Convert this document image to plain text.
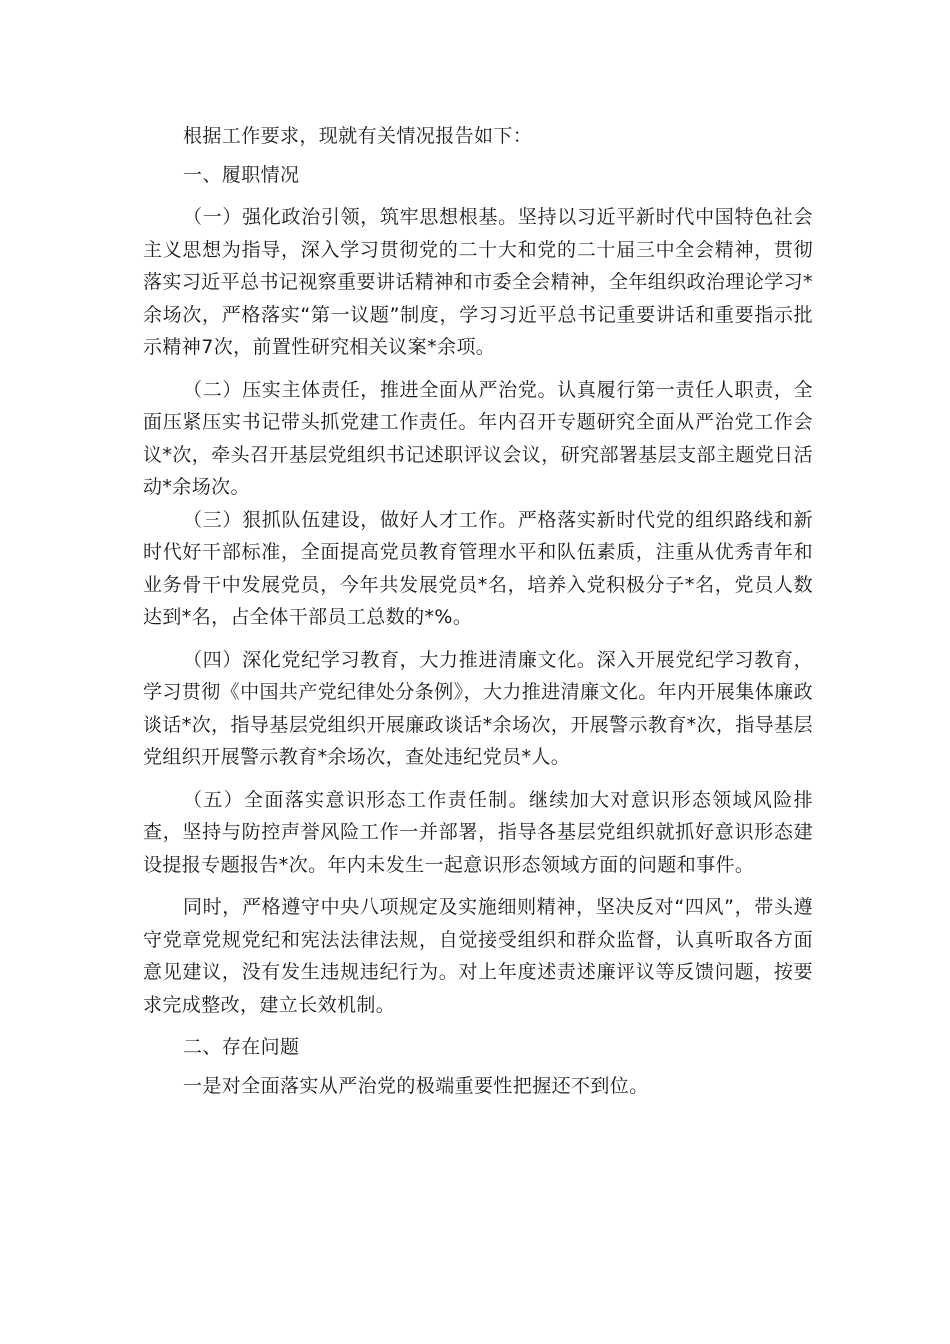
根据工作要求，现就有关情况报告如下：

一、履职情况

（一）强化政治引领，筑牢思想根基。坚持以习近平新时代中国特色社会主义思想为指导，深入学习贯彻党的二十大和党的二十届三中全会精神，贯彻落实习近平总书记视察重要讲话精神和市委全会精神，全年组织政治理论学习*余场次，严格落实“第一议题”制度，学习习近平总书记重要讲话和重要指示批示精神7次，前置性研究相关议案*余项。

（二）压实主体责任，推进全面从严治党。认真履行第一责任人职责，全面压紧压实书记带头抓党建工作责任。年内召开专题研究全面从严治党工作会议*次，牵头召开基层党组织书记述职评议会议，研究部署基层支部主题党日活动*余场次。

（三）狠抓队伍建设，做好人才工作。严格落实新时代党的组织路线和新时代好干部标准，全面提高党员教育管理水平和队伍素质，注重从优秀青年和业务骨干中发展党员，今年共发展党员*名，培养入党积极分子*名，党员人数达到*名，占全体干部员工总数的*%。

（四）深化党纪学习教育，大力推进清廉文化。深入开展党纪学习教育，学习贯彻《中国共产党纪律处分条例》，大力推进清廉文化。年内开展集体廉政谈话*次，指导基层党组织开展廉政谈话*余场次，开展警示教育*次，指导基层党组织开展警示教育*余场次，查处违纪党员*人。

（五）全面落实意识形态工作责任制。继续加大对意识形态领域风险排查，坚持与防控声誉风险工作一并部署，指导各基层党组织就抓好意识形态建设提报专题报告*次。年内未发生一起意识形态领域方面的问题和事件。

同时，严格遵守中央八项规定及实施细则精神，坚决反对“四风”，带头遵守党章党规党纪和宪法法律法规，自觉接受组织和群众监督，认真听取各方面意见建议，没有发生违规违纪行为。对上年度述责述廉评议等反馈问题，按要求完成整改，建立长效机制。

二、存在问题

一是对全面落实从严治党的极端重要性把握还不到位。
